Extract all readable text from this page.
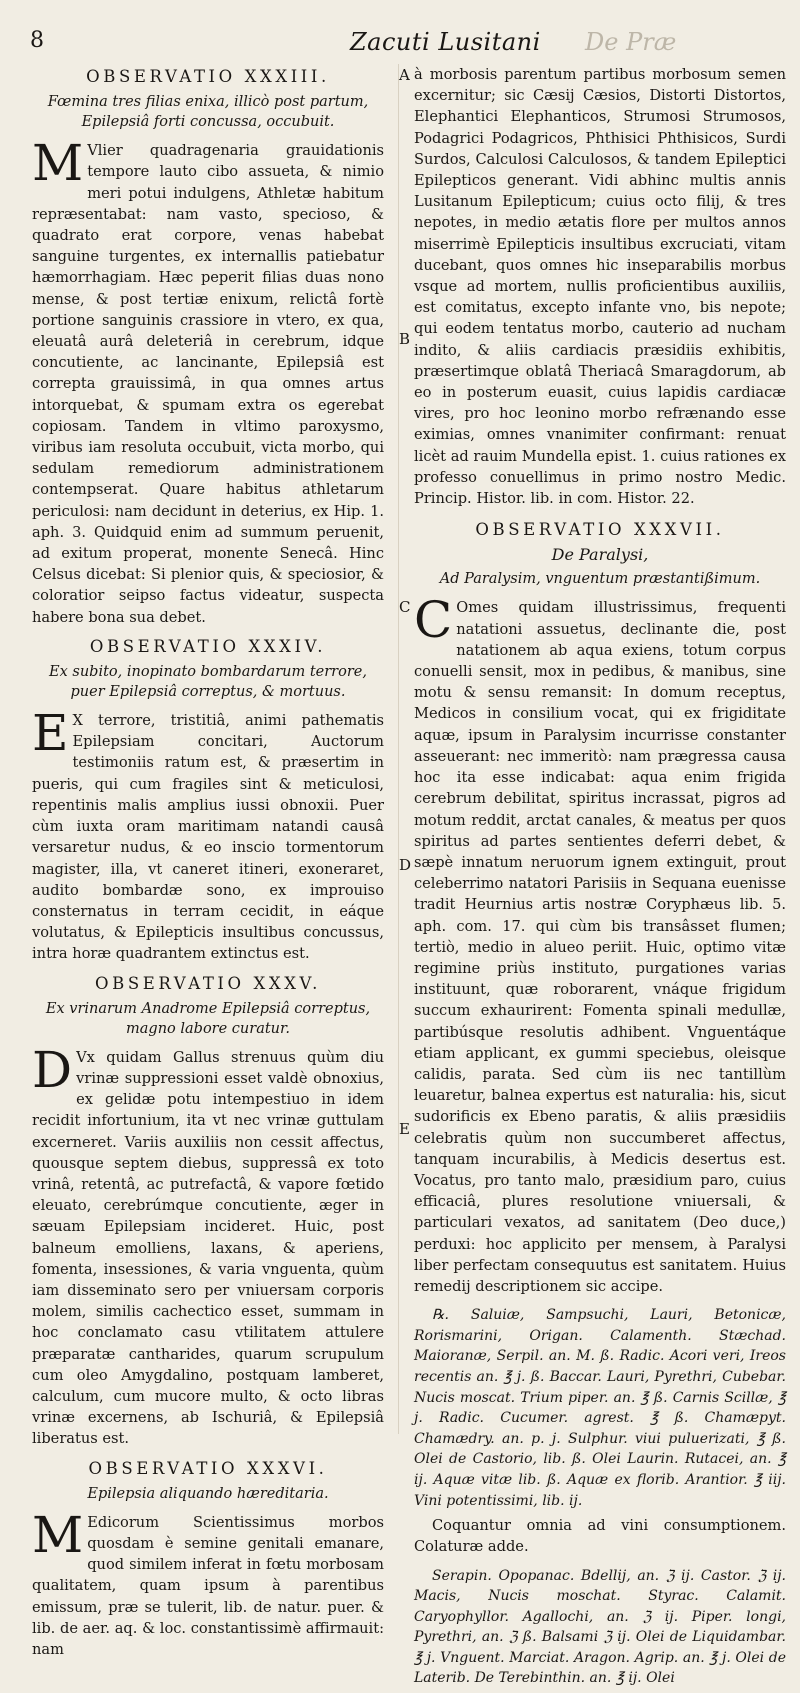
8	Zacuti Lusitani De Præ
A
B
C
D
E
OBSERVATIO XXXIII.
Fœmina tres filias enixa, illicò post partum, Epilepsiâ forti concussa, occubuit.
M Vlier quadragenaria grauidationis tempore lauto cibo assueta, & nimio meri potui indulgens, Athletæ habitum repræsentabat: nam vasto, specioso, & quadrato erat corpore, venas habebat sanguine turgentes, ex internallis patiebatur hæmorrhagiam. Hæc peperit filias duas nono mense, & post tertiæ enixum, relictâ fortè portione sanguinis crassiore in vtero, ex qua, eleuatâ aurâ deleteriâ in cerebrum, idque concutiente, ac lancinante, Epilepsiâ est correpta grauissimâ, in qua omnes artus intorquebat, & spumam extra os egerebat copiosam. Tandem in vltimo paroxysmo, viribus iam resoluta occubuit, victa morbo, qui sedulam remediorum administrationem contempserat. Quare habitus athletarum periculosi: nam decidunt in deterius, ex Hip. 1. aph. 3. Quidquid enim ad summum peruenit, ad exitum properat, monente Senecâ. Hinc Celsus dicebat: Si plenior quis, & speciosior, & coloratior seipso factus videatur, suspecta habere bona sua debet.
OBSERVATIO XXXIV.
Ex subito, inopinato bombardarum terrore, puer Epilepsiâ correptus, & mortuus.
E X terrore, tristitiâ, animi pathematis Epilepsiam concitari, Auctorum testimoniis ratum est, & præsertim in pueris, qui cum fragiles sint & meticulosi, repentinis malis amplius iussi obnoxii. Puer cùm iuxta oram maritimam natandi causâ versaretur nudus, & eo inscio tormentorum magister, illa, vt caneret itineri, exoneraret, audito bombardæ sono, ex improuiso consternatus in terram cecidit, in eáque volutatus, & Epilepticis insultibus concussus, intra horæ quadrantem extinctus est.
OBSERVATIO XXXV.
Ex vrinarum Anadrome Epilepsiâ correptus, magno labore curatur.
D Vx quidam Gallus strenuus quùm diu vrinæ suppressioni esset valdè obnoxius, ex gelidæ potu intempestiuo in idem recidit infortunium, ita vt nec vrinæ guttulam excerneret. Variis auxiliis non cessit affectus, quousque septem diebus, suppressâ ex toto vrinâ, retentâ, ac putrefactâ, & vapore fœtido eleuato, cerebrúmque concutiente, æger in sæuam Epilepsiam incideret. Huic, post balneum emolliens, laxans, & aperiens, fomenta, insessiones, & varia vnguenta, quùm iam disseminato sero per vniuersam corporis molem, similis cachectico esset, summam in hoc conclamato casu vtilitatem attulere præparatæ cantharides, quarum scrupulum cum oleo Amygdalino, postquam lamberet, calculum, cum mucore multo, & octo libras vrinæ excernens, ab Ischuriâ, & Epilepsiâ liberatus est.
OBSERVATIO XXXVI.
Epilepsia aliquando hæreditaria.
M Edicorum Scientissimus morbos quosdam è semine genitali emanare, quod similem inferat in fœtu morbosam qualitatem, quam ipsum à parentibus emissum, præ se tulerit, lib. de natur. puer. & lib. de aer. aq. & loc. constantissimè affirmauit: nam
à morbosis parentum partibus morbosum semen excernitur; sic Cæsij Cæsios, Distorti Distortos, Elephantici Elephanticos, Strumosi Strumosos, Podagrici Podagricos, Phthisici Phthisicos, Surdi Surdos, Calculosi Calculosos, & tandem Epileptici Epilepticos generant. Vidi abhinc multis annis Lusitanum Epilepticum; cuius octo filij, & tres nepotes, in medio ætatis flore per multos annos miserrimè Epilepticis insultibus excruciati, vitam ducebant, quos omnes hic inseparabilis morbus vsque ad mortem, nullis proficientibus auxiliis, est comitatus, excepto infante vno, bis nepote; qui eodem tentatus morbo, cauterio ad nucham indito, & aliis cardiacis præsidiis exhibitis, præsertimque oblatâ Theriacâ Smaragdorum, ab eo in posterum euasit, cuius lapidis cardiacæ vires, pro hoc leonino morbo refrænando esse eximias, omnes vnanimiter confirmant: renuat licèt ad rauim Mundella epist. 1. cuius rationes ex professo conuellimus in primo nostro Medic. Princip. Histor. lib. in com. Histor. 22.
OBSERVATIO XXXVII.
De Paralysi,
Ad Paralysim, vnguentum præstantißimum.
C Omes quidam illustrissimus, frequenti natationi assuetus, declinante die, post natationem ab aqua exiens, totum corpus conuelli sensit, mox in pedibus, & manibus, sine motu & sensu remansit: In domum receptus, Medicos in consilium vocat, qui ex frigiditate aquæ, ipsum in Paralysim incurrisse constanter asseuerant: nec immeritò: nam prægressa causa hoc ita esse indicabat: aqua enim frigida cerebrum debilitat, spiritus incrassat, pigros ad motum reddit, arctat canales, & meatus per quos spiritus ad partes sentientes deferri debet, & sæpè innatum neruorum ignem extinguit, prout celeberrimo natatori Parisiis in Sequana euenisse tradit Heurnius artis nostræ Coryphæus lib. 5. aph. com. 17. qui cùm bis transâsset flumen; tertiò, medio in alueo periit. Huic, optimo vitæ regimine priùs instituto, purgationes varias instituunt, quæ roborarent, vnáque frigidum succum exhaurirent: Fomenta spinali medullæ, partibúsque resolutis adhibent. Vnguentáque etiam applicant, ex gummi speciebus, oleisque calidis, parata. Sed cùm iis nec tantillùm leuaretur, balnea expertus est naturalia: his, sicut sudorificis ex Ebeno paratis, & aliis præsidiis celebratis quùm non succumberet affectus, tanquam incurabilis, à Medicis desertus est. Vocatus, pro tanto malo, præsidium paro, cuius efficaciâ, plures resolutione vniuersali, & particulari vexatos, ad sanitatem (Deo duce,) perduxi: hoc applicito per mensem, à Paralysi liber perfectam consequutus est sanitatem. Huius remedij descriptionem sic accipe.
℞. Saluiæ, Sampsuchi, Lauri, Betonicæ, Rorismarini, Origan. Calamenth. Stæchad. Maioranæ, Serpil. an. M. ß. Radic. Acori veri, Ireos recentis an. ℥ j. ß. Baccar. Lauri, Pyrethri, Cubebar. Nucis moscat. Trium piper. an. ℥ ß. Carnis Scillæ, ℥ j. Radic. Cucumer. agrest. ℥ ß. Chamæpyt. Chamædry. an. p. j. Sulphur. viui puluerizati, ℥ ß. Olei de Castorio, lib. ß. Olei Laurin. Rutacei, an. ℥ ij. Aquæ vitæ lib. ß. Aquæ ex florib. Arantior. ℥ iij. Vini potentissimi, lib. ij.
Coquantur omnia ad vini consumptionem. Colaturæ adde.
Serapin. Opopanac. Bdellij, an. ℨ ij. Castor. ℨ ij. Macis, Nucis moschat. Styrac. Calamit. Caryophyllor. Agallochi, an. ℨ ij. Piper. longi, Pyrethri, an. ℨ ß. Balsami ℨ ij. Olei de Liquidambar. ℥ j. Vnguent. Marciat. Aragon. Agrip. an. ℥ j. Olei de Laterib. De Terebinthin. an. ℥ ij. Olei
